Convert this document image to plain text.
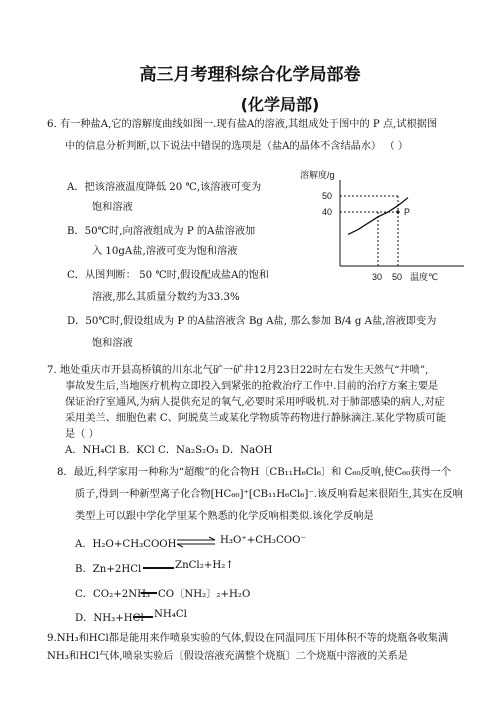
高三月考理科综合化学局部卷
(化学局部)
6. 有一种盐A,它的溶解度曲线如图一.现有盐A的溶液,其组成处于图中的 P 点,试根据图
中的信息分析判断,以下说法中错误的选项是（盐A的晶体不含结晶水） （ ）
A．把该溶液温度降低 20 ℃,该溶液可变为
饱和溶液
B．50℃时,向溶液组成为 P 的A盐溶液加
入 10gA盐,溶液可变为饱和溶液
C．从图判断： 50 ℃时,假设配成盐A的饱和
溶液,那么其质量分数约为33.3%
D．50℃时,假设组成为 P 的A盐溶液含 Bg A盐, 那么参加 B/4 g A盐,溶液即变为
饱和溶液
溶解度/g
50
40
30 50 温度℃
P
7. 地处重庆市开县高桥镇的川东北气矿一矿井12月23日22时左右发生天然气“井喷”,
事故发生后,当地医疗机构立即投入到紧张的抢救治疗工作中.目前的治疗方案主要是
保证治疗室通风,为病人提供充足的氧气,必要时采用呼吸机.对于肺部感染的病人,对症
采用美兰、细胞色素 C、阿脱莫兰或某化学物质等药物进行静脉滴注.某化学物质可能
是（ ）
A．NH₄Cl B．KCl C．Na₂S₂O₃ D．NaOH
8．最近,科学家用一种称为“超酸”的化合物H〔CB₁₁H₆Cl₆〕和 C₆₀反响,使C₆₀获得一个
质子,得到一种新型离子化合物[HC₆₀]⁺[CB₁₁H₆Cl₆]⁻.该反响看起来很陌生,其实在反响
类型上可以跟中学化学里某个熟悉的化学反响相类似.该化学反响是
A．H₂O+CH₃COOH ⇌ H₃O⁺+CH₃COO⁻
B．Zn+2HCl	ZnCl₂+H₂↑
C．CO₂+2NH₃ CO〔NH₂〕₂+H₂O
D．NH₃+HCl NH₄Cl
9.NH₃和HCl都是能用来作喷泉实验的气体,假设在同温同压下用体积不等的烧瓶各收集满
NH₃和HCl气体,喷泉实验后〔假设溶液充满整个烧瓶〕二个烧瓶中溶液的关系是
